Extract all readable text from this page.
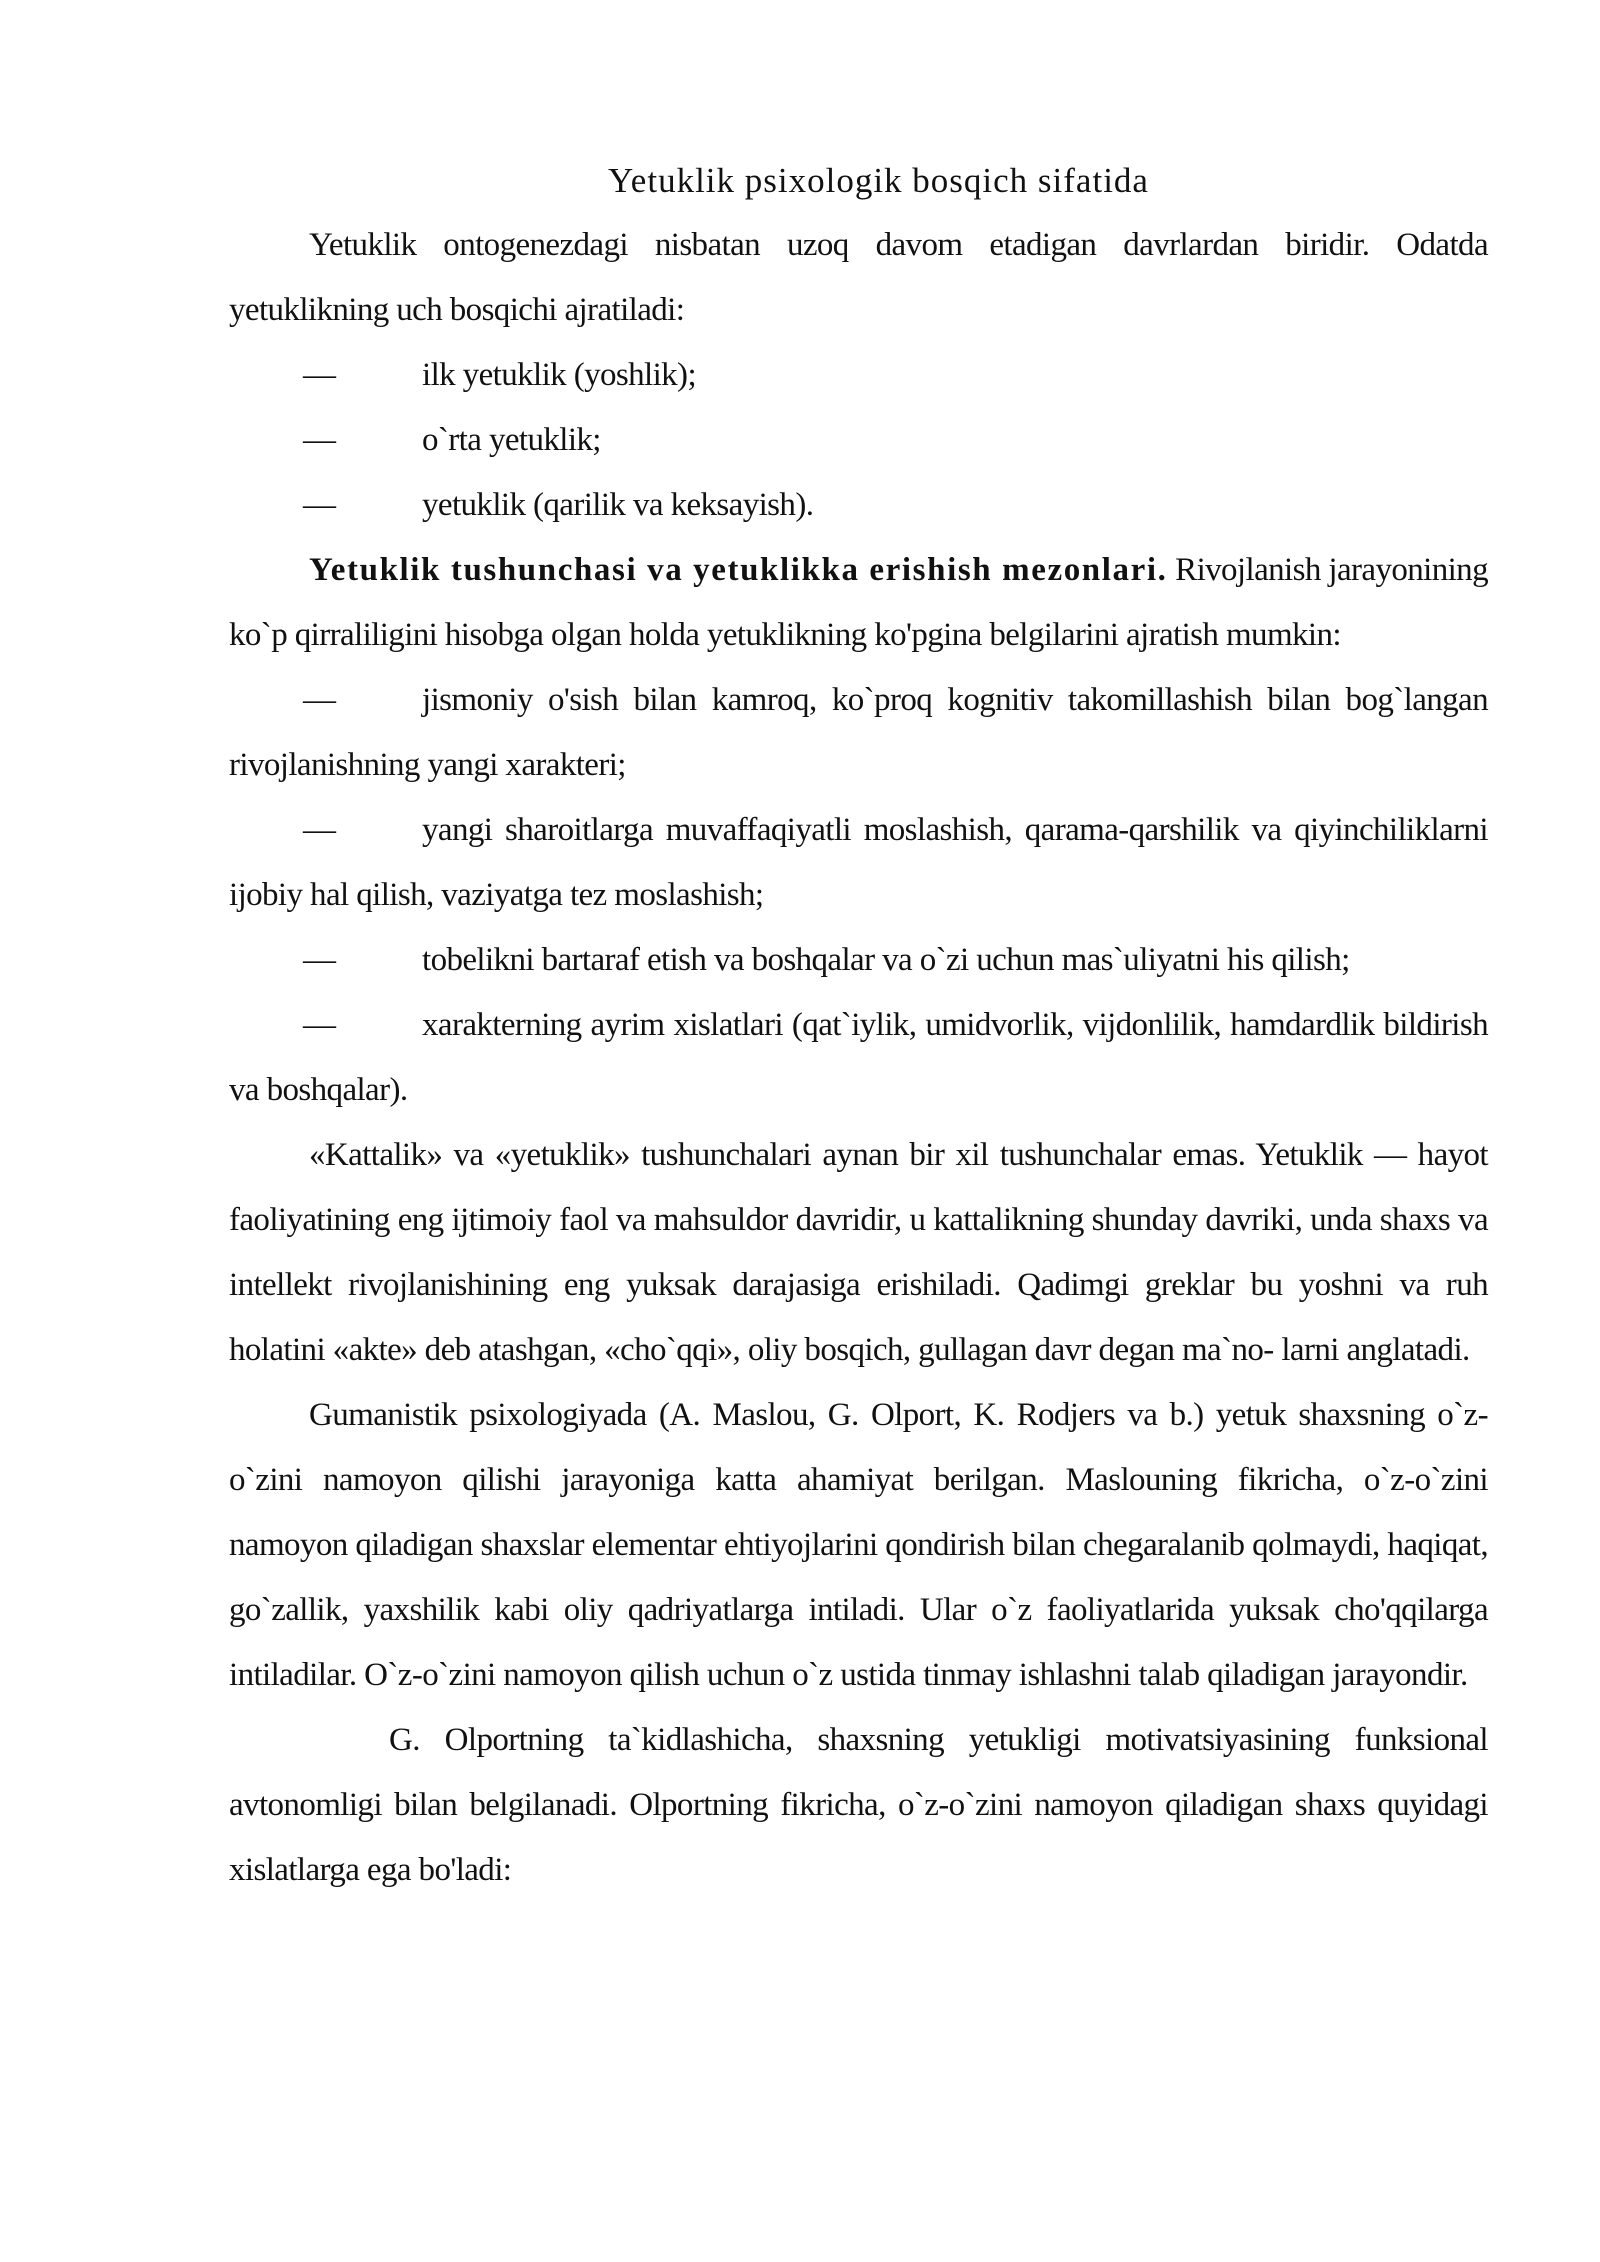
Yetuklik psixologik bosqich sifatida

Yetuklik ontogenezdagi nisbatan uzoq davom etadigan davrlardan biridir. Odatda yetuklikning uch bosqichi ajratiladi:

—	ilk yetuklik (yoshlik);

—	o`rta yetuklik;

—	yetuklik (qarilik va keksayish).

Yetuklik tushunchasi va yetuklikka erishish mezonlari. Rivojlanish jarayonining ko`p qirraliligini hisobga olgan holda yetuklikning ko'pgina belgilarini ajratish mumkin:

—	jismoniy o'sish bilan kamroq, ko`proq kognitiv takomillashish bilan bog`langan rivojlanishning yangi xarakteri;

—	yangi sharoitlarga muvaffaqiyatli moslashish, qarama-qarshilik va qiyinchiliklarni ijobiy hal qilish, vaziyatga tez moslashish;

—	tobelikni bartaraf etish va boshqalar va o`zi uchun mas`uliyatni his qilish;

—	xarakterning ayrim xislatlari (qat`iylik, umidvorlik, vijdonlilik, hamdardlik bildirish va boshqalar).

«Kattalik» va «yetuklik» tushunchalari aynan bir xil tushunchalar emas. Yetuklik — hayot faoliyatining eng ijtimoiy faol va mahsuldor davridir, u kattalikning shunday davriki, unda shaxs va intellekt rivojlanishining eng yuksak darajasiga erishiladi. Qadimgi greklar bu yoshni va ruh holatini «akte» deb atashgan, «cho`qqi», oliy bosqich, gullagan davr degan ma`no- larni anglatadi.

Gumanistik psixologiyada (A. Maslou, G. Olport, K. Rodjers va b.) yetuk shaxsning o`z-o`zini namoyon qilishi jarayoniga katta ahamiyat berilgan. Maslouning fikricha, o`z-o`zini namoyon qiladigan shaxslar elementar ehtiyojlarini qondirish bilan chegaralanib qolmaydi, haqiqat, go`zallik, yaxshilik kabi oliy qadriyatlarga intiladi. Ular o`z faoliyatlarida yuksak cho'qqilarga intiladilar. O`z-o`zini namoyon qilish uchun o`z ustida tinmay ishlashni talab qiladigan jarayondir.

G. Olportning ta`kidlashicha, shaxsning yetukligi motivatsiyasining funksional avtonomligi bilan belgilanadi. Olportning fikricha, o`z-o`zini namoyon qiladigan shaxs quyidagi xislatlarga ega bo'ladi:
